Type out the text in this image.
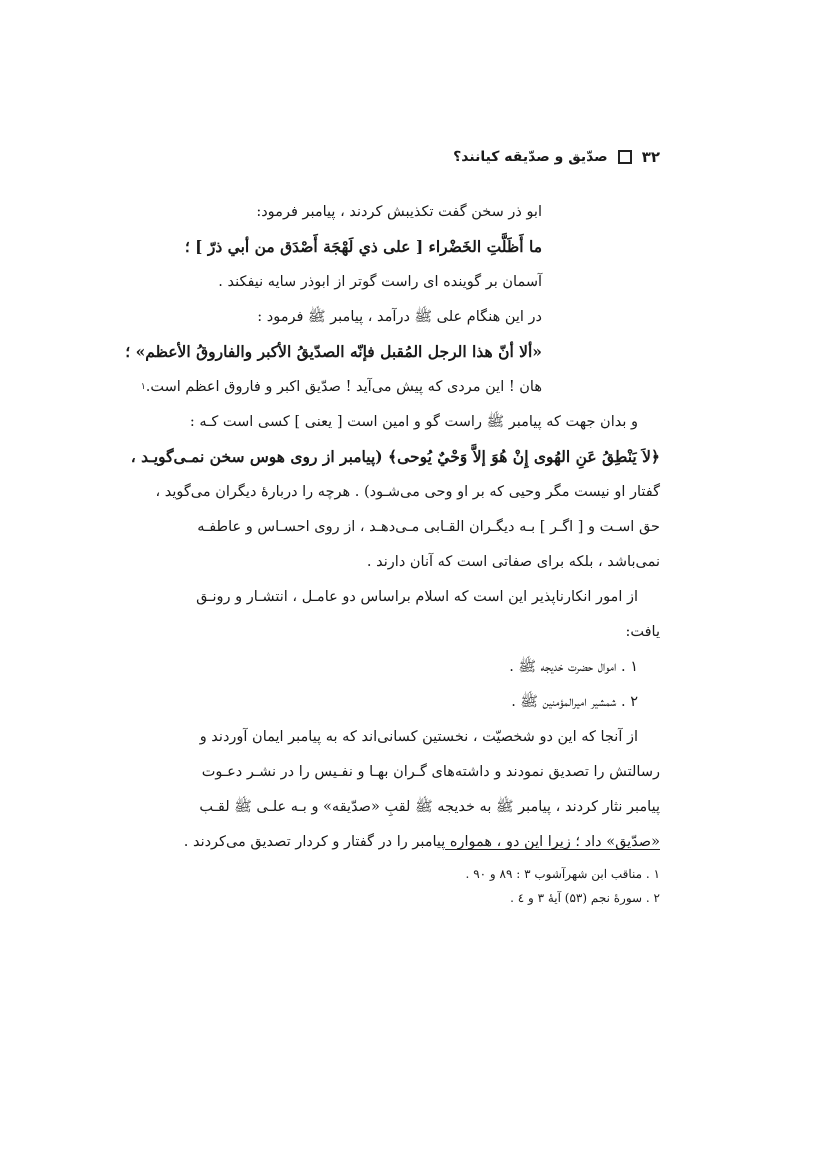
۳۲
صدّیق و صدّیقه کیانند؟
ابو ذر سخن گفت تکذیبش کردند ، پیامبر فرمود:
ما أَظَلَّتِ الخَضْراء [ على ذي لَهْجَة أَصْدَق من أبي ذرّ ] ؛
آسمان بر گوینده ای راست گوتر از ابوذر سایه نیفکند .
در این هنگام علی ﷺ درآمد ، پیامبر ﷺ فرمود :
«ألا أنّ هذا الرجل المُقبل فإنّه الصدّيقُ الأكبر والفاروقُ الأعظم» ؛
هان ! این مردی که پیش می‌آید ! صدّیق اکبر و فاروق اعظم است.
۱
و بدان جهت که پیامبر ﷺ راست گو و امین است [ یعنی ] کسی است کـه :
﴿لاَ يَنْطِقُ عَنِ الهُوى إِنْ هُوَ إلاَّ وَحْيٌ يُوحى﴾ (پیامبر از روی هوس سخن نمـی‌گویـد ،
گفتار او نیست مگر وحیی که بر او وحی می‌شـود) . هرچه را دربارۀ دیگران می‌گوید ،
حق اسـت و [ اگـر ] بـه دیگـران القـابی مـی‌دهـد ، از روی احسـاس و عاطفـه
نمی‌باشد ، بلکه برای صفاتی است که آنان دارند .
از امور انکارناپذیر این است که اسلام براساس دو عامـل ، انتشـار و رونـق
یافت:
۱ . اموال حضرت خدیجه ﷺ .
۲ . شمشیر امیرالمؤمنین ﷺ .
از آنجا که این دو شخصیّت ، نخستین کسانی‌اند که به پیامبر ایمان آوردند و
رسالتش را تصدیق نمودند و داشته‌های گـران بهـا و نفـیس را در نشـر دعـوت
پیامبر نثار کردند ، پیامبر ﷺ به خدیجه ﷺ لقبِ «صدّیقه» و بـه علـی ﷺ لقـب
«صدّیق» داد ؛ زیرا این دو ، همواره پیامبر را در گفتار و کردار تصدیق می‌کردند .
۱ . مناقب ابن شهرآشوب ۳ : ۸۹ و ۹۰ .
۲ . سورۀ نجم (۵۳) آیۀ ۳ و ٤ .
